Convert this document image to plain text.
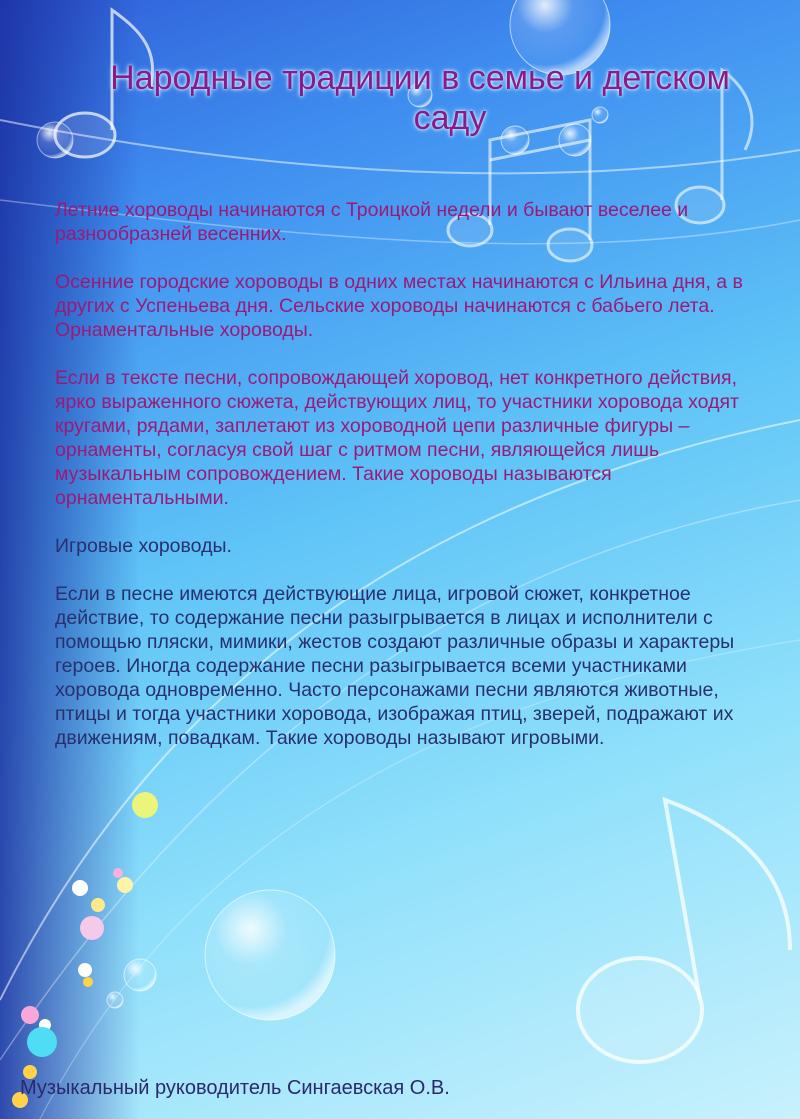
Народные традиции в семье и детском
саду

Летние хороводы начинаются с Троицкой недели и бывают веселее и разнообразней весенних.

Осенние городские хороводы в одних местах начинаются с Ильина дня, а в других с Успеньева дня. Сельские хороводы начинаются с бабьего лета.

Орнаментальные хороводы.

Если в тексте песни, сопровождающей хоровод, нет конкретного действия, ярко выраженного сюжета, действующих лиц, то участники хоровода ходят кругами, рядами, заплетают из хороводной цепи различные фигуры – орнаменты, согласуя свой шаг с ритмом песни, являющейся лишь музыкальным сопровождением. Такие хороводы называются орнаментальными.

Игровые хороводы.

Если в песне имеются действующие лица, игровой сюжет, конкретное действие, то содержание песни разыгрывается в лицах и исполнители с помощью пляски, мимики, жестов создают различные образы и характеры героев. Иногда содержание песни разыгрывается всеми участниками хоровода одновременно. Часто персонажами песни являются животные, птицы и тогда участники хоровода, изображая птиц, зверей, подражают их движениям, повадкам. Такие хороводы называют игровыми.

Музыкальный руководитель Сингаевская О.В.
